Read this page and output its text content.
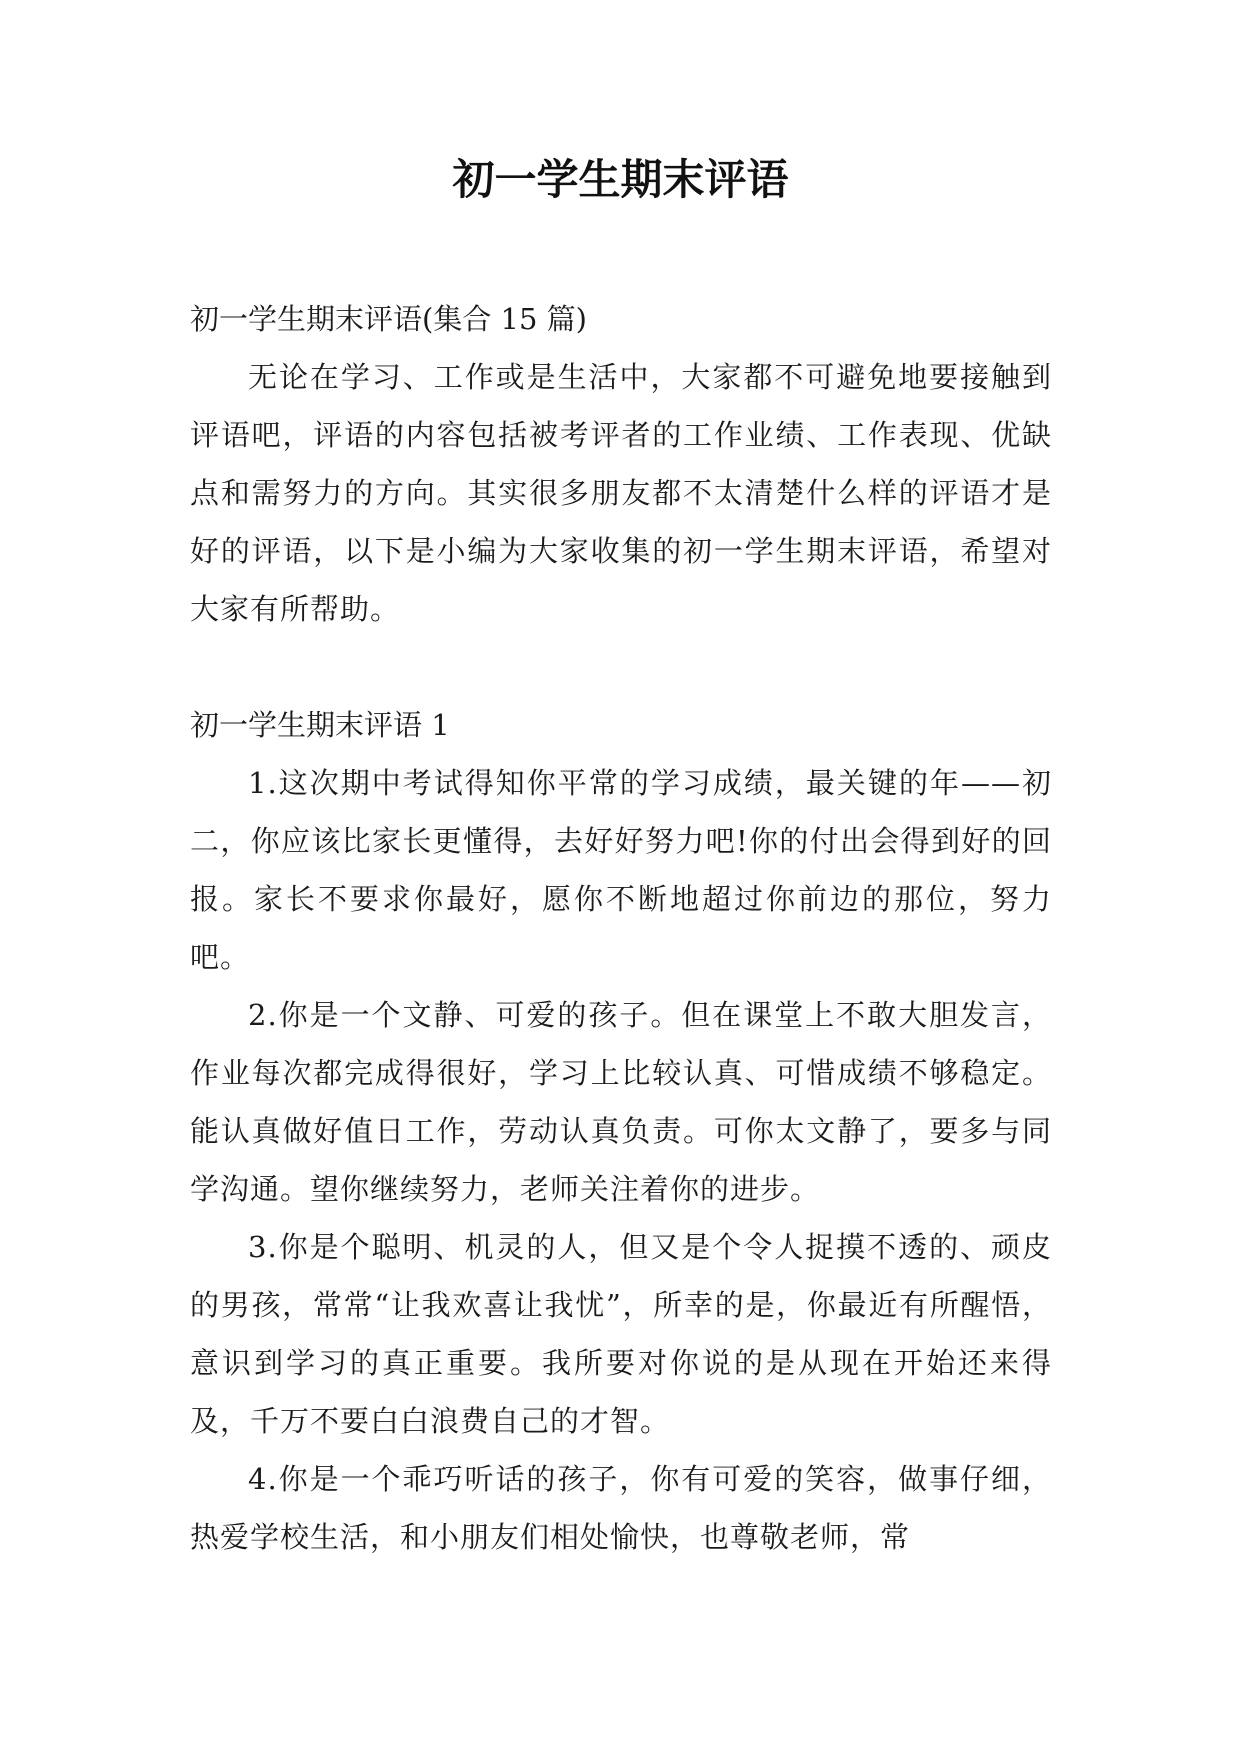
初一学生期末评语

初一学生期末评语(集合 15 篇)

无论在学习、工作或是生活中，大家都不可避免地要接触到评语吧，评语的内容包括被考评者的工作业绩、工作表现、优缺点和需努力的方向。其实很多朋友都不太清楚什么样的评语才是好的评语，以下是小编为大家收集的初一学生期末评语，希望对大家有所帮助。

初一学生期末评语 1

1.这次期中考试得知你平常的学习成绩，最关键的年——初二，你应该比家长更懂得，去好好努力吧!你的付出会得到好的回报。家长不要求你最好，愿你不断地超过你前边的那位，努力吧。

2.你是一个文静、可爱的孩子。但在课堂上不敢大胆发言，作业每次都完成得很好，学习上比较认真、可惜成绩不够稳定。能认真做好值日工作，劳动认真负责。可你太文静了，要多与同学沟通。望你继续努力，老师关注着你的进步。

3.你是个聪明、机灵的人，但又是个令人捉摸不透的、顽皮的男孩，常常“让我欢喜让我忧”，所幸的是，你最近有所醒悟，意识到学习的真正重要。我所要对你说的是从现在开始还来得及，千万不要白白浪费自己的才智。

4.你是一个乖巧听话的孩子，你有可爱的笑容，做事仔细，热爱学校生活，和小朋友们相处愉快，也尊敬老师，常
